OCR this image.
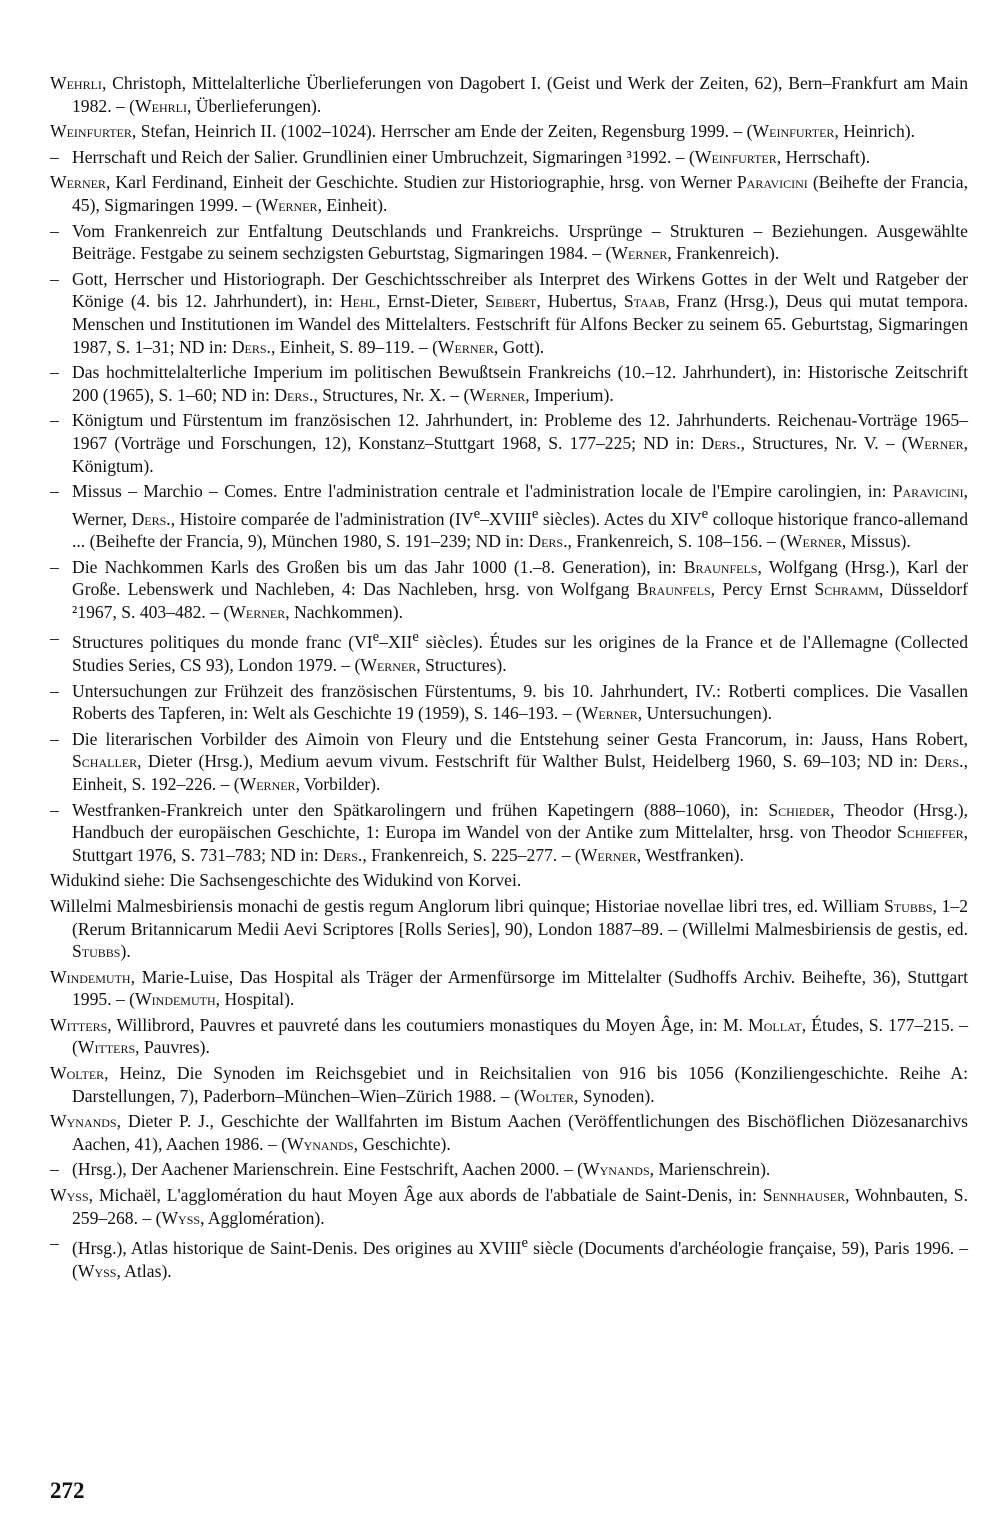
Wehrli, Christoph, Mittelalterliche Überlieferungen von Dagobert I. (Geist und Werk der Zeiten, 62), Bern–Frankfurt am Main 1982. – (Wehrli, Überlieferungen).

Weinfurter, Stefan, Heinrich II. (1002–1024). Herrscher am Ende der Zeiten, Regensburg 1999. – (Weinfurter, Heinrich).

– Herrschaft und Reich der Salier. Grundlinien einer Umbruchzeit, Sigmaringen ³1992. – (Weinfurter, Herrschaft).

Werner, Karl Ferdinand, Einheit der Geschichte. Studien zur Historiographie, hrsg. von Werner Paravicini (Beihefte der Francia, 45), Sigmaringen 1999. – (Werner, Einheit).

– Vom Frankenreich zur Entfaltung Deutschlands und Frankreichs. Ursprünge – Strukturen – Beziehungen. Ausgewählte Beiträge. Festgabe zu seinem sechzigsten Geburtstag, Sigmaringen 1984. – (Werner, Frankenreich).

– Gott, Herrscher und Historiograph. Der Geschichtsschreiber als Interpret des Wirkens Gottes in der Welt und Ratgeber der Könige (4. bis 12. Jahrhundert), in: Hehl, Ernst-Dieter, Seibert, Hubertus, Staab, Franz (Hrsg.), Deus qui mutat tempora. Menschen und Institutionen im Wandel des Mittelalters. Festschrift für Alfons Becker zu seinem 65. Geburtstag, Sigmaringen 1987, S. 1–31; ND in: Ders., Einheit, S. 89–119. – (Werner, Gott).

– Das hochmittelalterliche Imperium im politischen Bewußtsein Frankreichs (10.–12. Jahrhundert), in: Historische Zeitschrift 200 (1965), S. 1–60; ND in: Ders., Structures, Nr. X. – (Werner, Imperium).

– Königtum und Fürstentum im französischen 12. Jahrhundert, in: Probleme des 12. Jahrhunderts. Reichenau-Vorträge 1965–1967 (Vorträge und Forschungen, 12), Konstanz–Stuttgart 1968, S. 177–225; ND in: Ders., Structures, Nr. V. – (Werner, Königtum).

– Missus – Marchio – Comes. Entre l'administration centrale et l'administration locale de l'Empire carolingien, in: Paravicini, Werner, Ders., Histoire comparée de l'administration (IVe–XVIIIe siècles). Actes du XIVe colloque historique franco-allemand ... (Beihefte der Francia, 9), München 1980, S. 191–239; ND in: Ders., Frankenreich, S. 108–156. – (Werner, Missus).

– Die Nachkommen Karls des Großen bis um das Jahr 1000 (1.–8. Generation), in: Braunfels, Wolfgang (Hrsg.), Karl der Große. Lebenswerk und Nachleben, 4: Das Nachleben, hrsg. von Wolfgang Braunfels, Percy Ernst Schramm, Düsseldorf ²1967, S. 403–482. – (Werner, Nachkommen).

– Structures politiques du monde franc (VIe–XIIe siècles). Études sur les origines de la France et de l'Allemagne (Collected Studies Series, CS 93), London 1979. – (Werner, Structures).

– Untersuchungen zur Frühzeit des französischen Fürstentums, 9. bis 10. Jahrhundert, IV.: Rotberti complices. Die Vasallen Roberts des Tapferen, in: Welt als Geschichte 19 (1959), S. 146–193. – (Werner, Untersuchungen).

– Die literarischen Vorbilder des Aimoin von Fleury und die Entstehung seiner Gesta Francorum, in: Jauss, Hans Robert, Schaller, Dieter (Hrsg.), Medium aevum vivum. Festschrift für Walther Bulst, Heidelberg 1960, S. 69–103; ND in: Ders., Einheit, S. 192–226. – (Werner, Vorbilder).

– Westfranken-Frankreich unter den Spätkarolingern und frühen Kapetingern (888–1060), in: Schieder, Theodor (Hrsg.), Handbuch der europäischen Geschichte, 1: Europa im Wandel von der Antike zum Mittelalter, hrsg. von Theodor Schieffer, Stuttgart 1976, S. 731–783; ND in: Ders., Frankenreich, S. 225–277. – (Werner, Westfranken).

Widukind siehe: Die Sachsengeschichte des Widukind von Korvei.

Willelmi Malmesbiriensis monachi de gestis regum Anglorum libri quinque; Historiae novellae libri tres, ed. William Stubbs, 1–2 (Rerum Britannicarum Medii Aevi Scriptores [Rolls Series], 90), London 1887–89. – (Willelmi Malmesbiriensis de gestis, ed. Stubbs).

Windemuth, Marie-Luise, Das Hospital als Träger der Armenfürsorge im Mittelalter (Sudhoffs Archiv. Beihefte, 36), Stuttgart 1995. – (Windemuth, Hospital).

Witters, Willibrord, Pauvres et pauvreté dans les coutumiers monastiques du Moyen Âge, in: M. Mollat, Études, S. 177–215. – (Witters, Pauvres).

Wolter, Heinz, Die Synoden im Reichsgebiet und in Reichsitalien von 916 bis 1056 (Konziliengeschichte. Reihe A: Darstellungen, 7), Paderborn–München–Wien–Zürich 1988. – (Wolter, Synoden).

Wynands, Dieter P. J., Geschichte der Wallfahrten im Bistum Aachen (Veröffentlichungen des Bischöflichen Diözesanarchivs Aachen, 41), Aachen 1986. – (Wynands, Geschichte).

– (Hrsg.), Der Aachener Marienschrein. Eine Festschrift, Aachen 2000. – (Wynands, Marienschrein).

Wyss, Michaël, L'agglomération du haut Moyen Âge aux abords de l'abbatiale de Saint-Denis, in: Sennhauser, Wohnbauten, S. 259–268. – (Wyss, Agglomération).

– (Hrsg.), Atlas historique de Saint-Denis. Des origines au XVIIIe siècle (Documents d'archéologie française, 59), Paris 1996. – (Wyss, Atlas).

272
